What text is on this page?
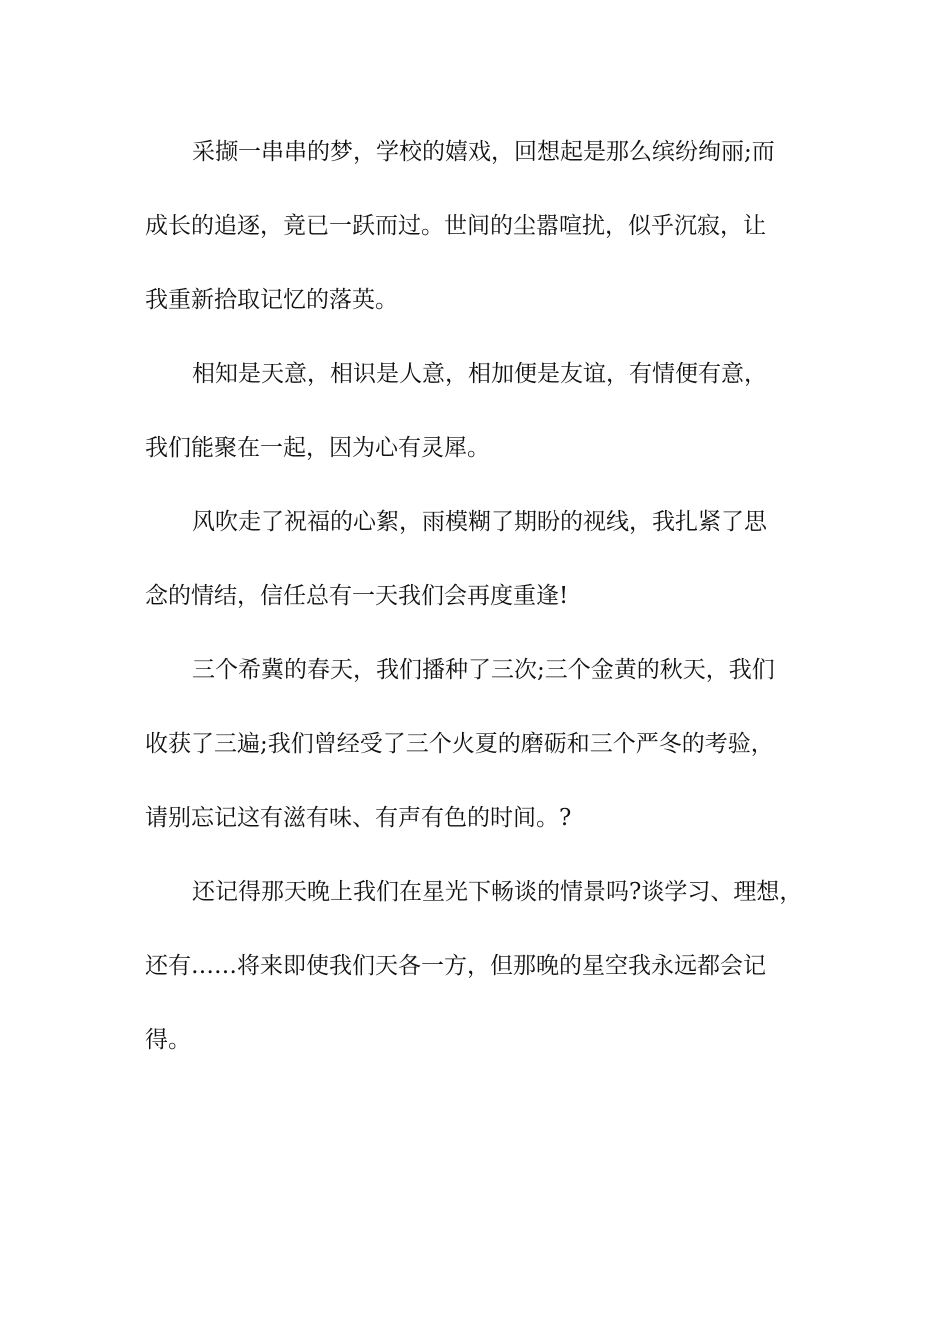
采撷一串串的梦，学校的嬉戏，回想起是那么缤纷绚丽;而
成长的追逐，竟已一跃而过。世间的尘嚣喧扰，似乎沉寂，让
我重新拾取记忆的落英。
相知是天意，相识是人意，相加便是友谊，有情便有意，
我们能聚在一起，因为心有灵犀。
风吹走了祝福的心絮，雨模糊了期盼的视线，我扎紧了思
念的情结，信任总有一天我们会再度重逢!
三个希冀的春天，我们播种了三次;三个金黄的秋天，我们
收获了三遍;我们曾经受了三个火夏的磨砺和三个严冬的考验，
请别忘记这有滋有味、有声有色的时间。?
还记得那天晚上我们在星光下畅谈的情景吗?谈学习、理想，
还有……将来即使我们天各一方，但那晚的星空我永远都会记
得。
